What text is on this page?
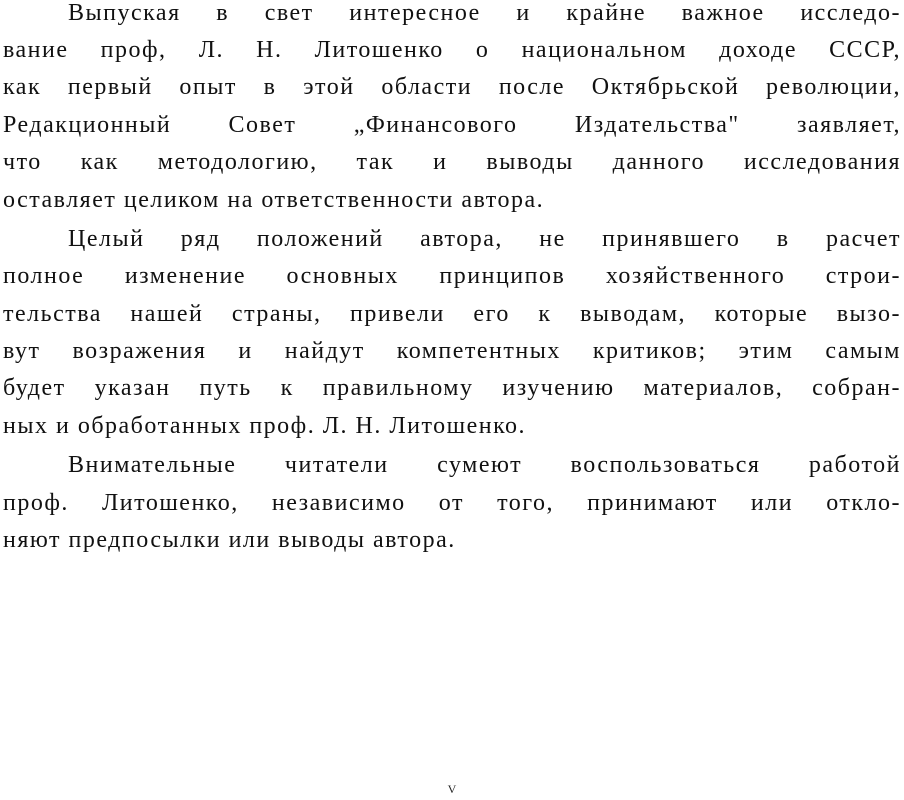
Выпуская в свет интересное и крайне важное исследо-
вание проф, Л. Н. Литошенко о национальном доходе СССР,
как первый опыт в этой области после Октябрьской революции,
Редакционный Совет „Финансового Издательства" заявляет,
что как методологию, так и выводы данного исследования
оставляет целиком на ответственности автора.
Целый ряд положений автора, не принявшего в расчет
полное изменение основных принципов хозяйственного строи-
тельства нашей страны, привели его к выводам, которые вызо-
вут возражения и найдут компетентных критиков; этим самым
будет указан путь к правильному изучению материалов, собран-
ных и обработанных проф. Л. Н. Литошенко.
Внимательные читатели сумеют воспользоваться работой
проф. Литошенко, независимо от того, принимают или откло-
няют предпосылки или выводы автора.
V
